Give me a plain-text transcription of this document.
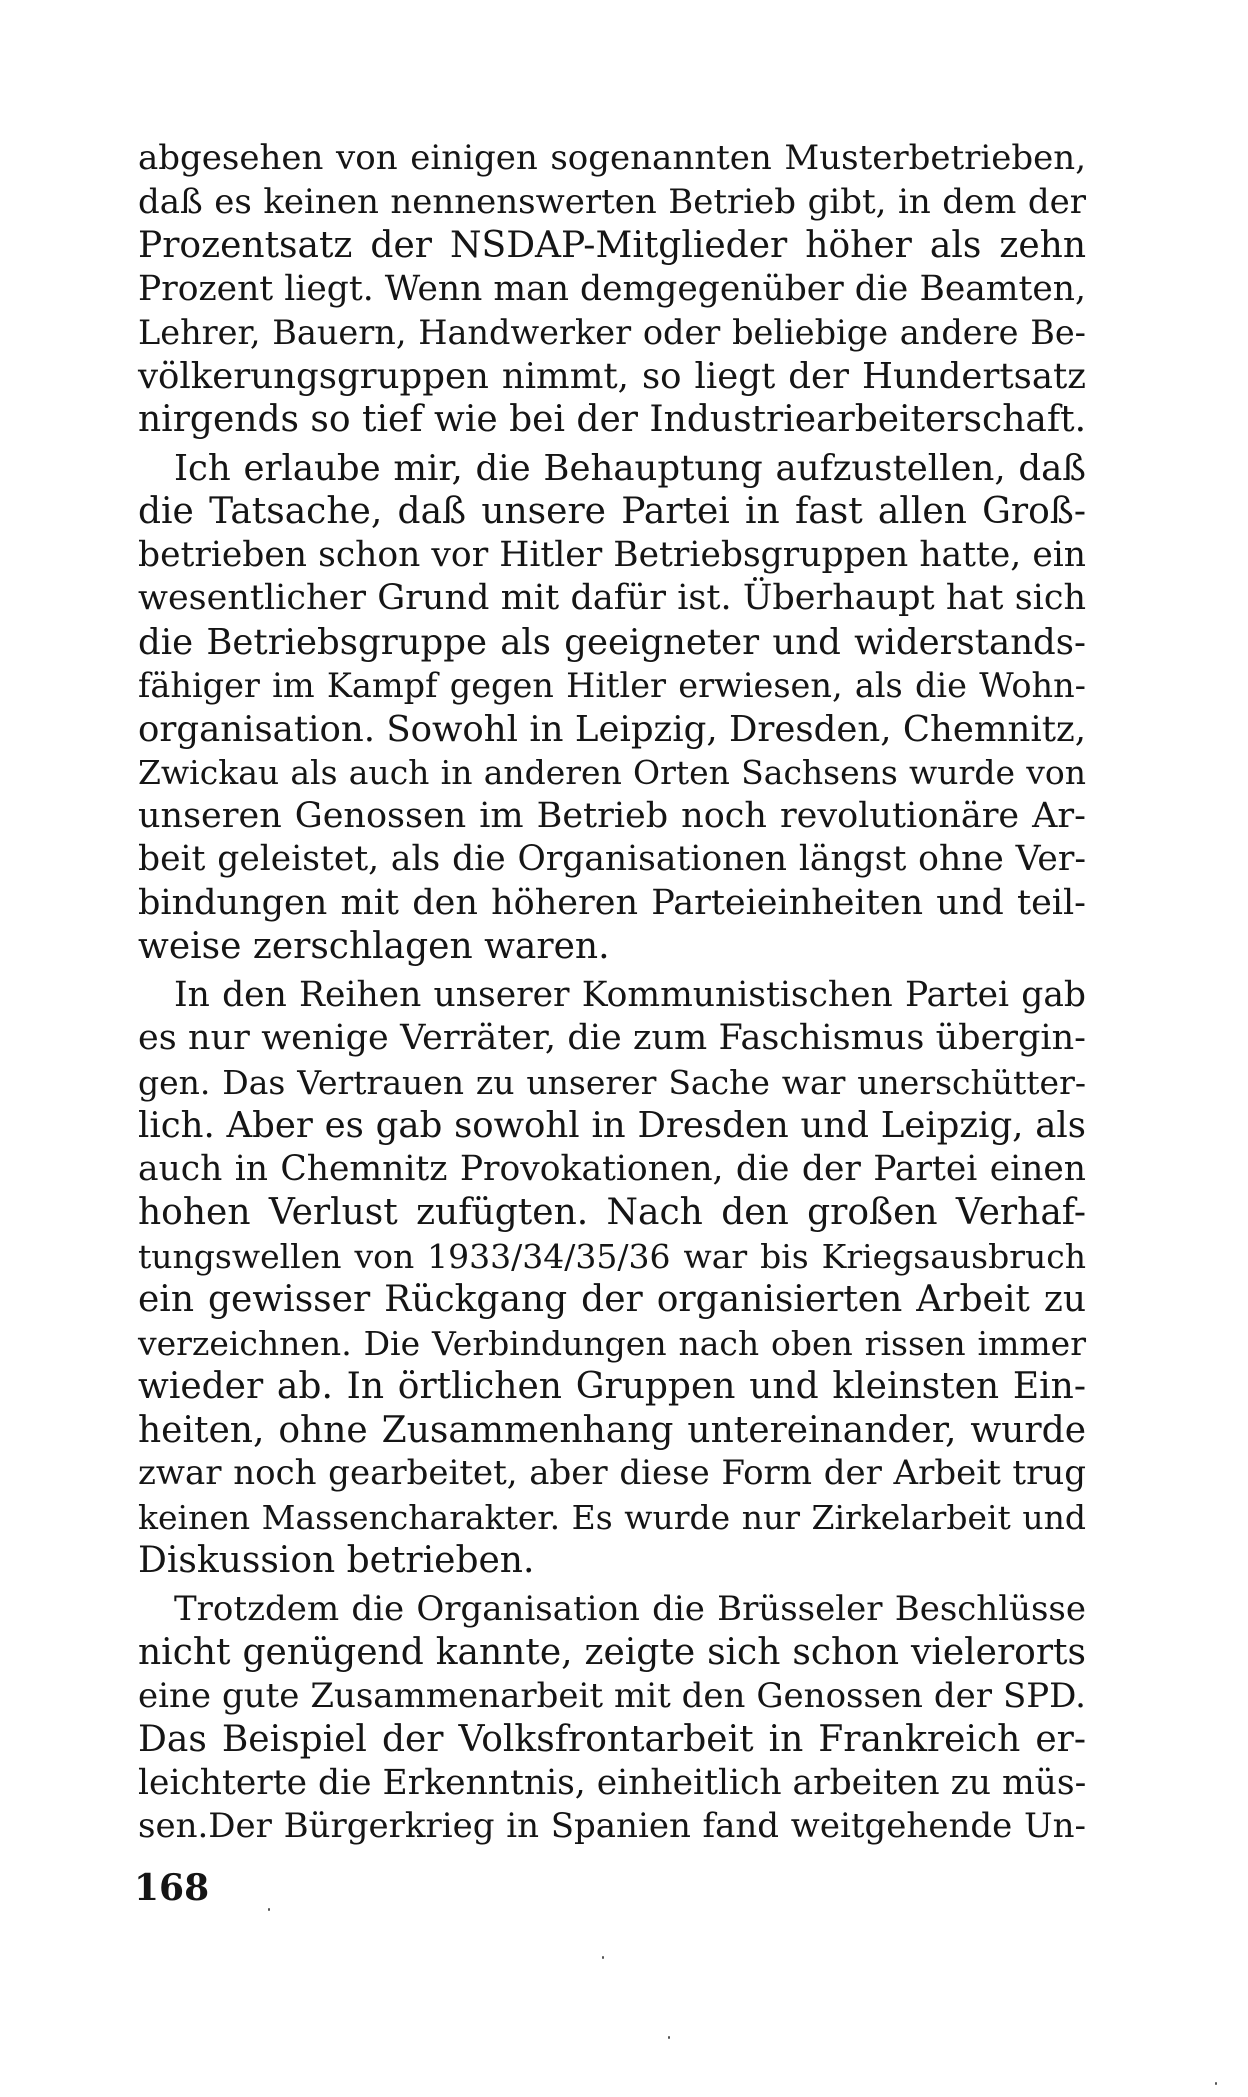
abgesehen von einigen sogenannten Musterbetrieben,
daß es keinen nennenswerten Betrieb gibt, in dem der
Prozentsatz der NSDAP-Mitglieder höher als zehn
Prozent liegt. Wenn man demgegenüber die Beamten,
Lehrer, Bauern, Handwerker oder beliebige andere Be-
völkerungsgruppen nimmt, so liegt der Hundertsatz
nirgends so tief wie bei der Industriearbeiterschaft.
Ich erlaube mir, die Behauptung aufzustellen, daß
die Tatsache, daß unsere Partei in fast allen Groß-
betrieben schon vor Hitler Betriebsgruppen hatte, ein
wesentlicher Grund mit dafür ist. Überhaupt hat sich
die Betriebsgruppe als geeigneter und widerstands-
fähiger im Kampf gegen Hitler erwiesen, als die Wohn-
organisation. Sowohl in Leipzig, Dresden, Chemnitz,
Zwickau als auch in anderen Orten Sachsens wurde von
unseren Genossen im Betrieb noch revolutionäre Ar-
beit geleistet, als die Organisationen längst ohne Ver-
bindungen mit den höheren Parteieinheiten und teil-
weise zerschlagen waren.
In den Reihen unserer Kommunistischen Partei gab
es nur wenige Verräter, die zum Faschismus übergin-
gen. Das Vertrauen zu unserer Sache war unerschütter-
lich. Aber es gab sowohl in Dresden und Leipzig, als
auch in Chemnitz Provokationen, die der Partei einen
hohen Verlust zufügten. Nach den großen Verhaf-
tungswellen von 1933/34/35/36 war bis Kriegsausbruch
ein gewisser Rückgang der organisierten Arbeit zu
verzeichnen. Die Verbindungen nach oben rissen immer
wieder ab. In örtlichen Gruppen und kleinsten Ein-
heiten, ohne Zusammenhang untereinander, wurde
zwar noch gearbeitet, aber diese Form der Arbeit trug
keinen Massencharakter. Es wurde nur Zirkelarbeit und
Diskussion betrieben.
Trotzdem die Organisation die Brüsseler Beschlüsse
nicht genügend kannte, zeigte sich schon vielerorts
eine gute Zusammenarbeit mit den Genossen der SPD.
Das Beispiel der Volksfrontarbeit in Frankreich er-
leichterte die Erkenntnis, einheitlich arbeiten zu müs-
sen.Der Bürgerkrieg in Spanien fand weitgehende Un-
168
